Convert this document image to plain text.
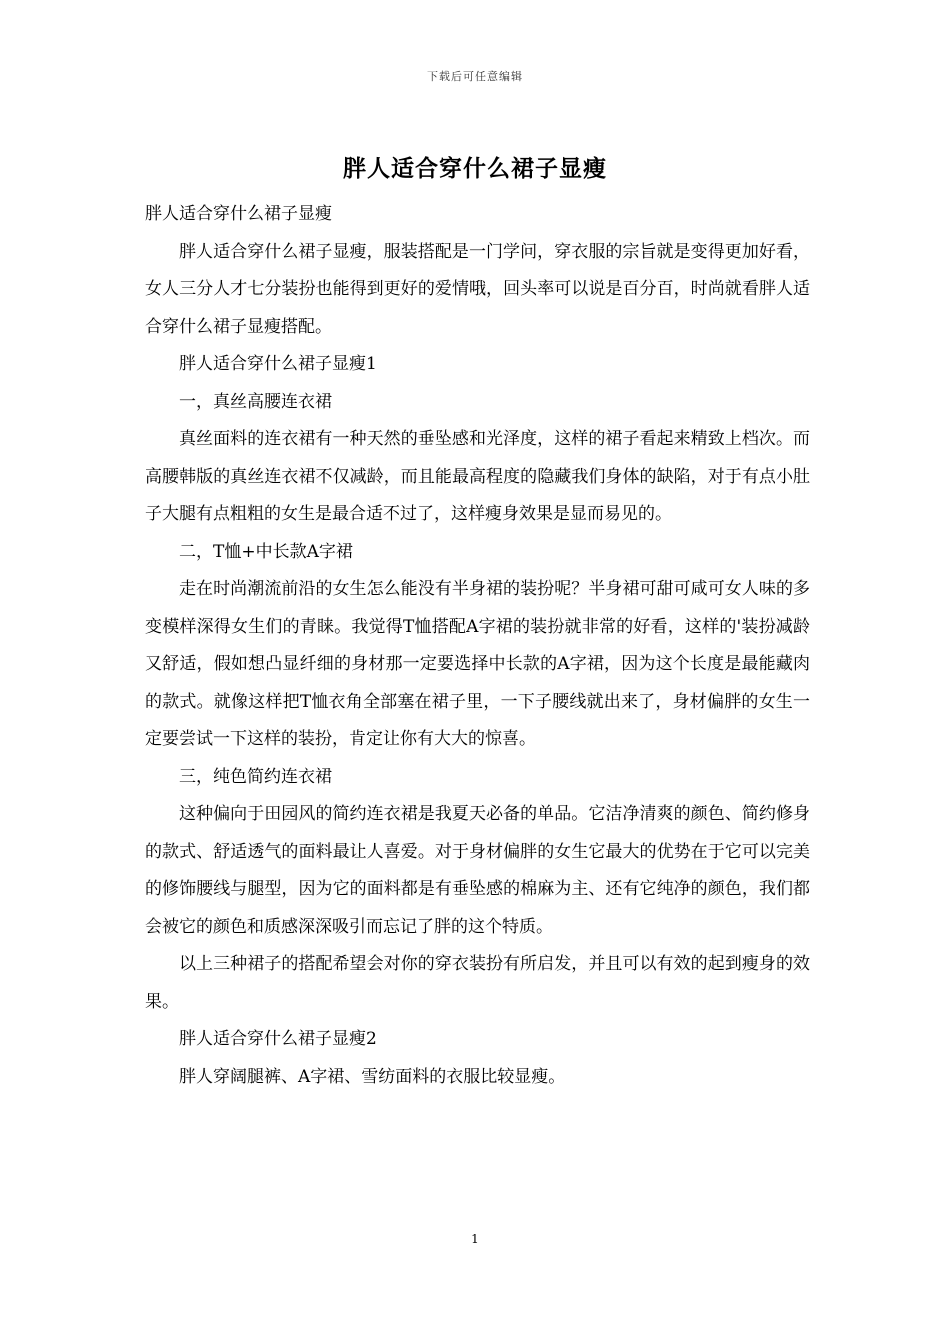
下载后可任意编辑
胖人适合穿什么裙子显瘦

胖人适合穿什么裙子显瘦

胖人适合穿什么裙子显瘦，服装搭配是一门学问，穿衣服的宗旨就是变得更加好看，女人三分人才七分装扮也能得到更好的爱情哦，回头率可以说是百分百，时尚就看胖人适合穿什么裙子显瘦搭配。

胖人适合穿什么裙子显瘦1

一，真丝高腰连衣裙

真丝面料的连衣裙有一种天然的垂坠感和光泽度，这样的裙子看起来精致上档次。而高腰韩版的真丝连衣裙不仅减龄，而且能最高程度的隐藏我们身体的缺陷，对于有点小肚子大腿有点粗粗的女生是最合适不过了，这样瘦身效果是显而易见的。

二，T恤+中长款A字裙

走在时尚潮流前沿的女生怎么能没有半身裙的装扮呢？半身裙可甜可咸可女人味的多变模样深得女生们的青睐。我觉得T恤搭配A字裙的装扮就非常的好看，这样的'装扮减龄又舒适，假如想凸显纤细的身材那一定要选择中长款的A字裙，因为这个长度是最能藏肉的款式。就像这样把T恤衣角全部塞在裙子里，一下子腰线就出来了，身材偏胖的女生一定要尝试一下这样的装扮，肯定让你有大大的惊喜。

三，纯色简约连衣裙

这种偏向于田园风的简约连衣裙是我夏天必备的单品。它洁净清爽的颜色、简约修身的款式、舒适透气的面料最让人喜爱。对于身材偏胖的女生它最大的优势在于它可以完美的修饰腰线与腿型，因为它的面料都是有垂坠感的棉麻为主、还有它纯净的颜色，我们都会被它的颜色和质感深深吸引而忘记了胖的这个特质。

以上三种裙子的搭配希望会对你的穿衣装扮有所启发，并且可以有效的起到瘦身的效果。

胖人适合穿什么裙子显瘦2

胖人穿阔腿裤、A字裙、雪纺面料的衣服比较显瘦。

1
